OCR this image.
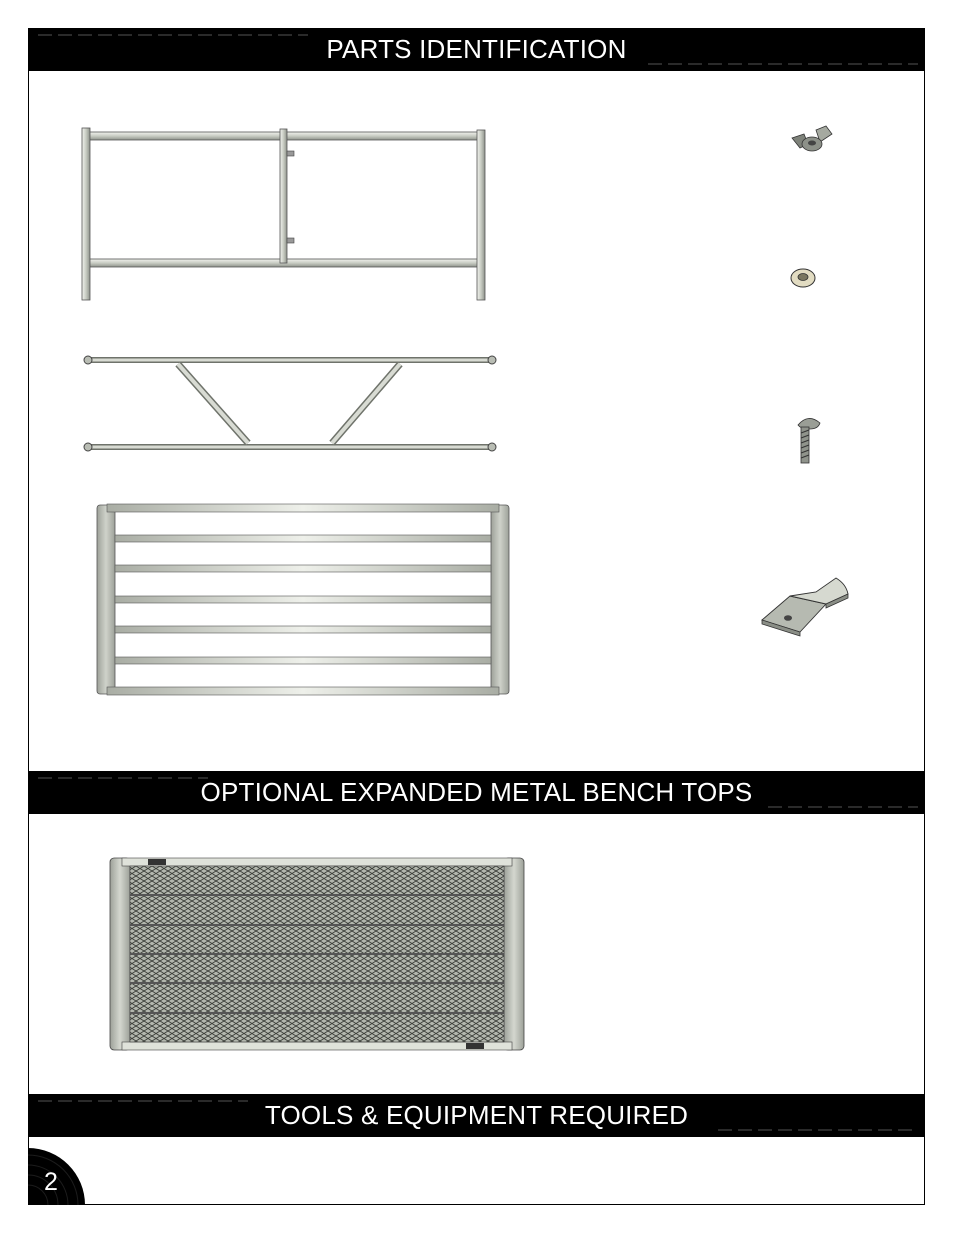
PARTS IDENTIFICATION
OPTIONAL EXPANDED METAL BENCH TOPS
TOOLS & EQUIPMENT REQUIRED
2
